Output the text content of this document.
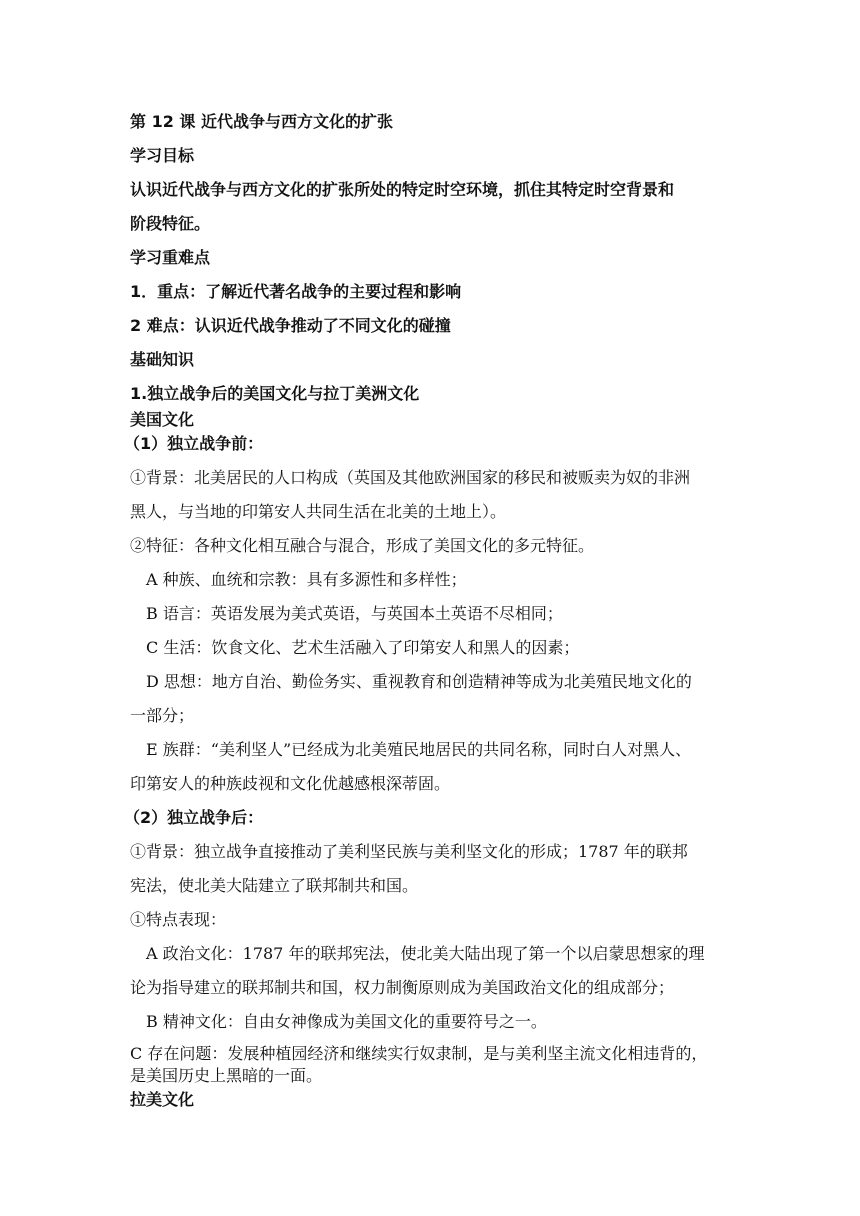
第 12 课 近代战争与西方文化的扩张
学习目标
认识近代战争与西方文化的扩张所处的特定时空环境，抓住其特定时空背景和
阶段特征。
学习重难点
1．重点：了解近代著名战争的主要过程和影响
2 难点：认识近代战争推动了不同文化的碰撞
基础知识
1.独立战争后的美国文化与拉丁美洲文化
美国文化
（1）独立战争前：
①背景：北美居民的人口构成（英国及其他欧洲国家的移民和被贩卖为奴的非洲
黑人，与当地的印第安人共同生活在北美的土地上）。
②特征：各种文化相互融合与混合，形成了美国文化的多元特征。
A 种族、血统和宗教：具有多源性和多样性；
B 语言：英语发展为美式英语，与英国本土英语不尽相同；
C 生活：饮食文化、艺术生活融入了印第安人和黑人的因素；
D 思想：地方自治、勤俭务实、重视教育和创造精神等成为北美殖民地文化的
一部分；
E 族群：“美利坚人”已经成为北美殖民地居民的共同名称，同时白人对黑人、
印第安人的种族歧视和文化优越感根深蒂固。
（2）独立战争后：
①背景：独立战争直接推动了美利坚民族与美利坚文化的形成；1787 年的联邦
宪法，使北美大陆建立了联邦制共和国。
①特点表现：
A 政治文化：1787 年的联邦宪法，使北美大陆出现了第一个以启蒙思想家的理
论为指导建立的联邦制共和国，权力制衡原则成为美国政治文化的组成部分；
B 精神文化：自由女神像成为美国文化的重要符号之一。
C 存在问题：发展种植园经济和继续实行奴隶制，是与美利坚主流文化相违背的，
是美国历史上黑暗的一面。
拉美文化
